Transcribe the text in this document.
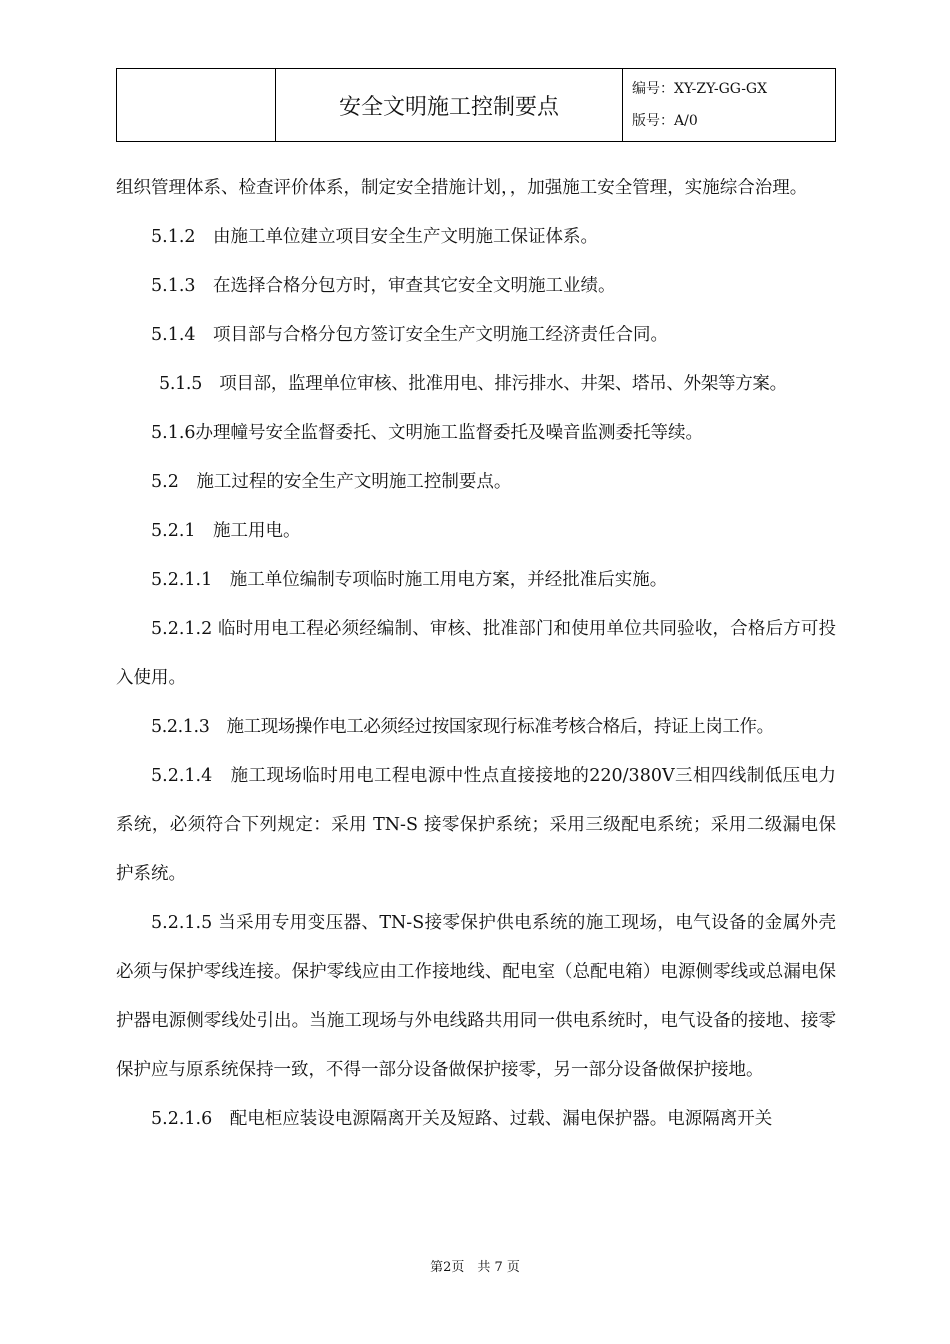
安全文明施工控制要点
编号：XY-ZY-GG-GX
版号：A/0

组织管理体系、检查评价体系，制定安全措施计划，，加强施工安全管理，实施综合治理。

5.1.2　由施工单位建立项目安全生产文明施工保证体系。

5.1.3　在选择合格分包方时，审查其它安全文明施工业绩。

5.1.4　项目部与合格分包方签订安全生产文明施工经济责任合同。

5.1.5　项目部，监理单位审核、批准用电、排污排水、井架、塔吊、外架等方案。

5.1.6办理幢号安全监督委托、文明施工监督委托及噪音监测委托等续。

5.2　施工过程的安全生产文明施工控制要点。

5.2.1　施工用电。

5.2.1.1　施工单位编制专项临时施工用电方案，并经批准后实施。

5.2.1.2 临时用电工程必须经编制、审核、批准部门和使用单位共同验收，合格后方可投入使用。

5.2.1.3　施工现场操作电工必须经过按国家现行标准考核合格后，持证上岗工作。

5.2.1.4　施工现场临时用电工程电源中性点直接接地的220/380V三相四线制低压电力系统，必须符合下列规定：采用 TN-S 接零保护系统；采用三级配电系统；采用二级漏电保护系统。

5.2.1.5 当采用专用变压器、TN-S接零保护供电系统的施工现场，电气设备的金属外壳必须与保护零线连接。保护零线应由工作接地线、配电室（总配电箱）电源侧零线或总漏电保护器电源侧零线处引出。当施工现场与外电线路共用同一供电系统时，电气设备的接地、接零保护应与原系统保持一致，不得一部分设备做保护接零，另一部分设备做保护接地。

5.2.1.6　配电柜应装设电源隔离开关及短路、过载、漏电保护器。电源隔离开关

第2页　共 7 页
